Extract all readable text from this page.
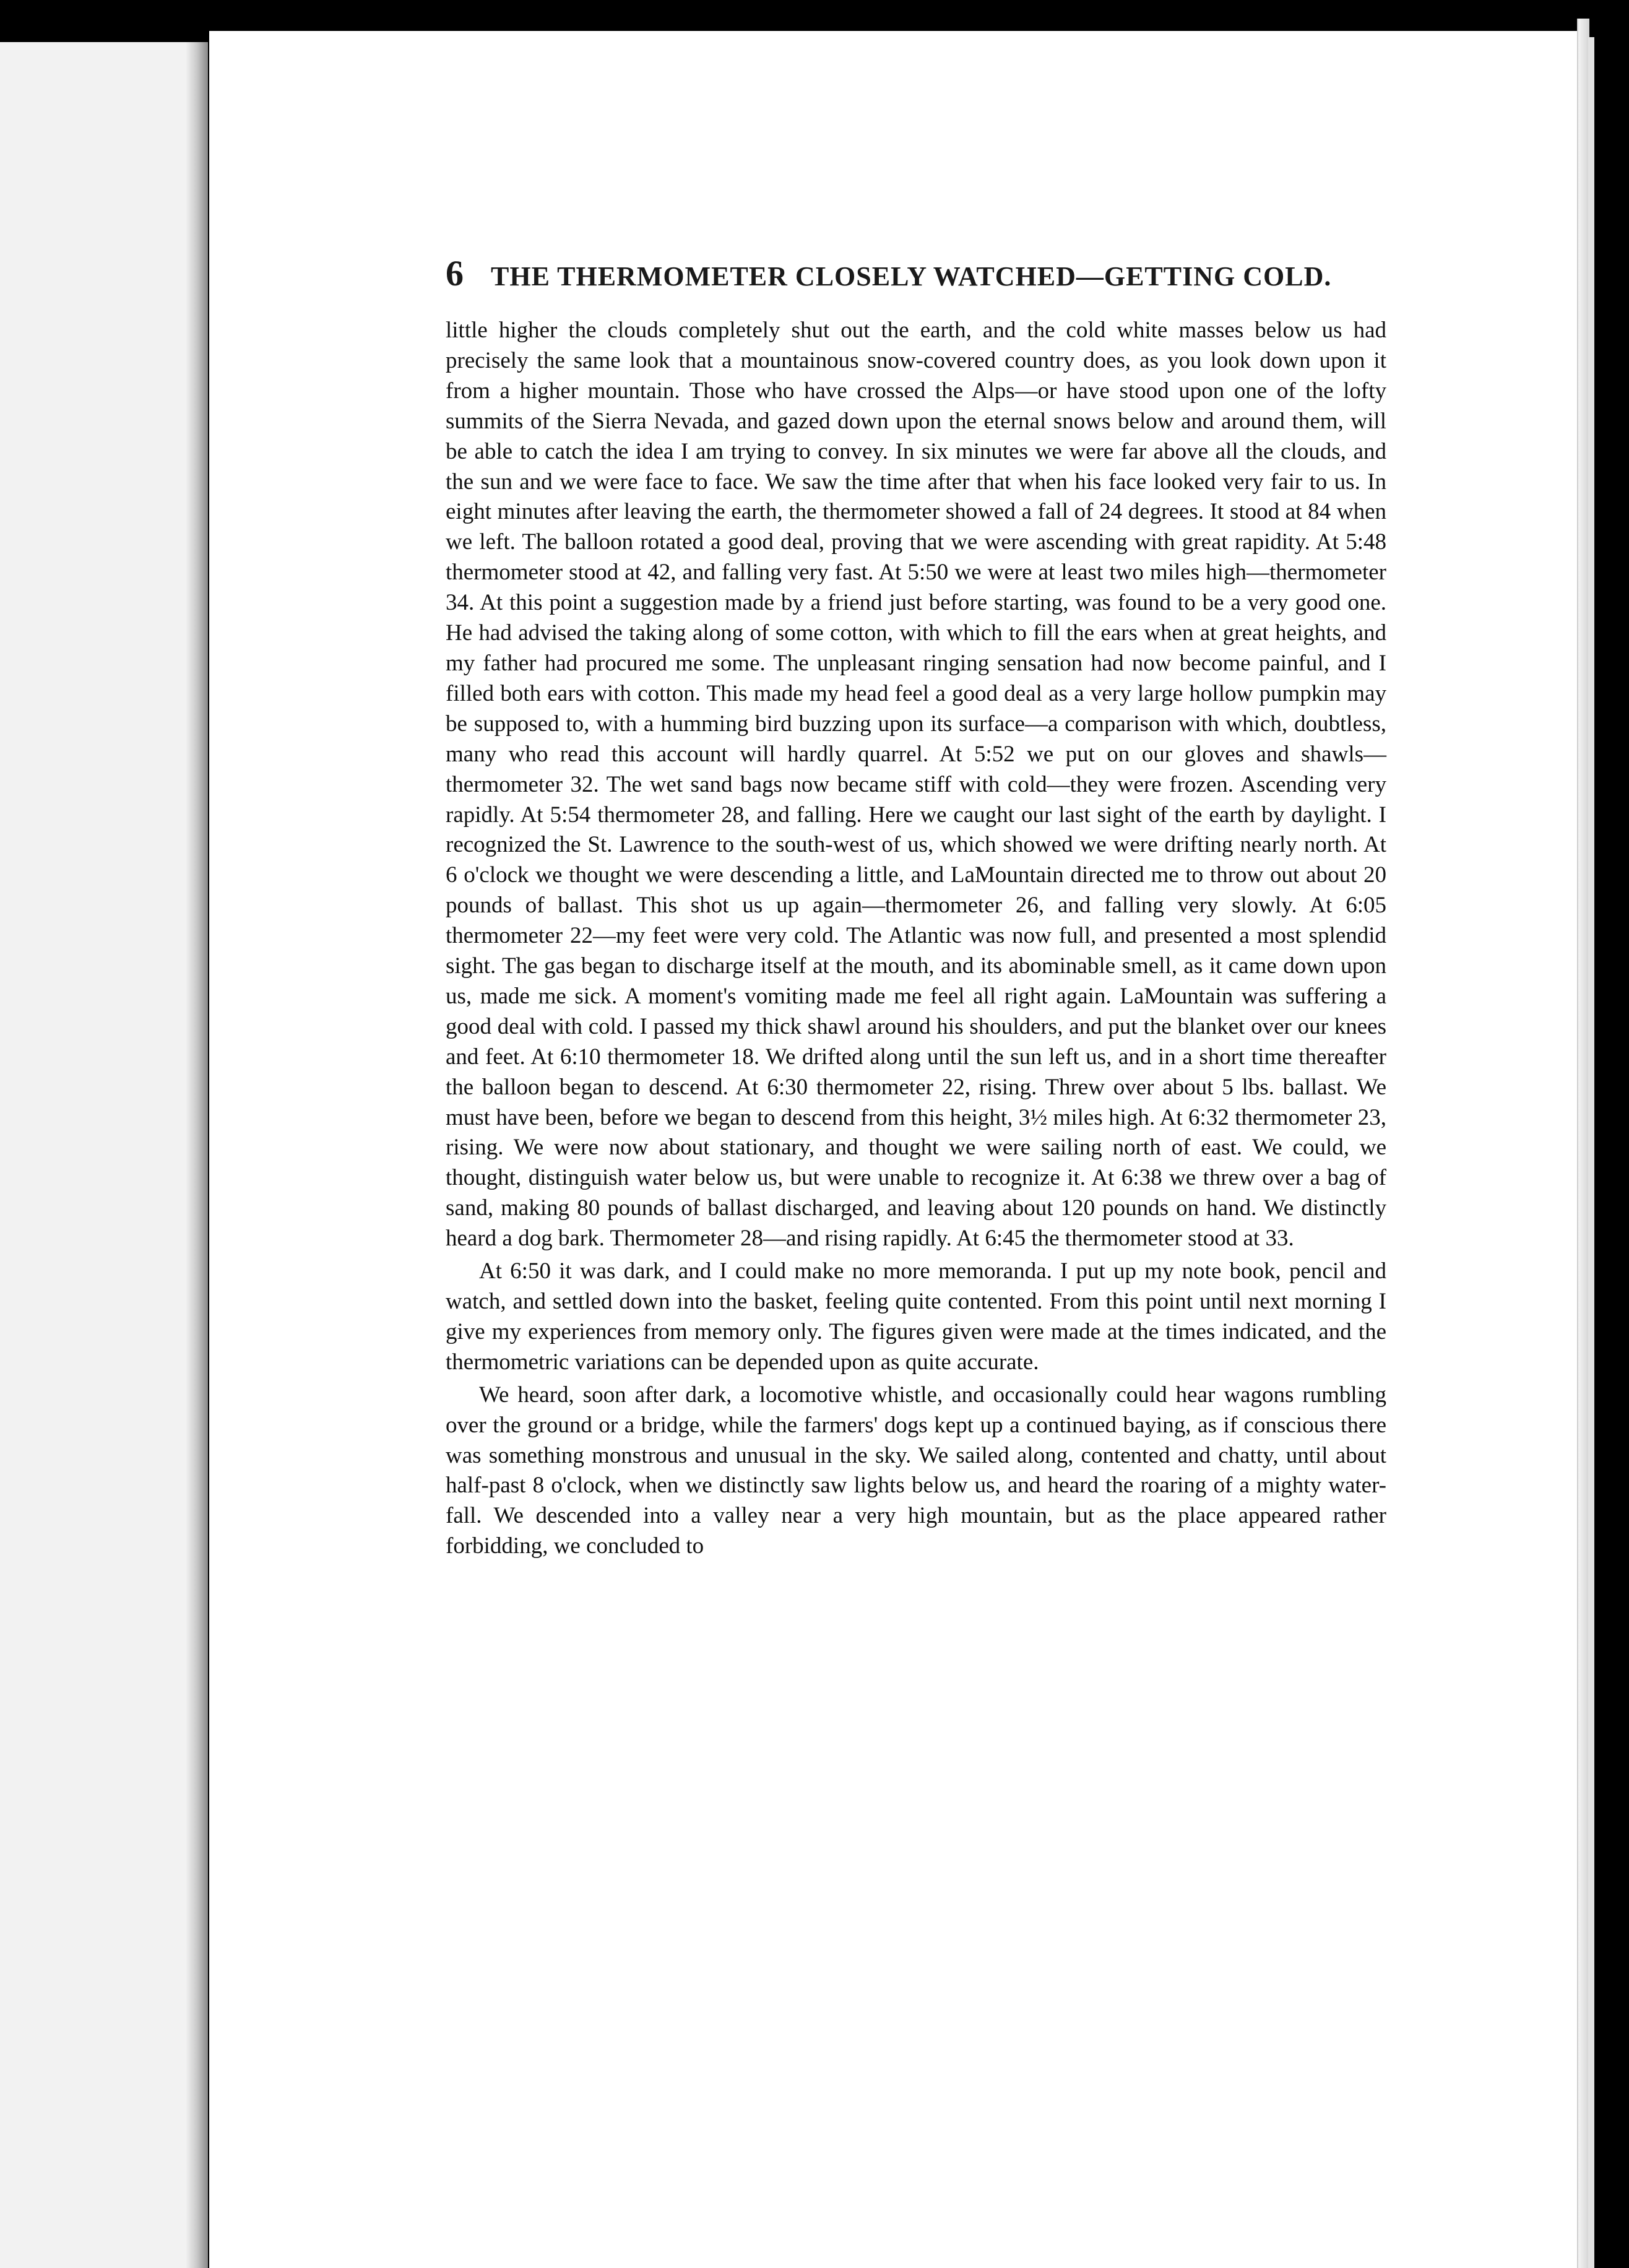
6 THE THERMOMETER CLOSELY WATCHED—GETTING COLD.

little higher the clouds completely shut out the earth, and the cold white masses below us had precisely the same look that a mountainous snow-covered country does, as you look down upon it from a higher mountain. Those who have crossed the Alps—or have stood upon one of the lofty summits of the Sierra Nevada, and gazed down upon the eternal snows below and around them, will be able to catch the idea I am trying to convey. In six minutes we were far above all the clouds, and the sun and we were face to face. We saw the time after that when his face looked very fair to us. In eight minutes after leaving the earth, the thermometer showed a fall of 24 degrees. It stood at 84 when we left. The balloon rotated a good deal, proving that we were ascending with great rapidity. At 5:48 thermometer stood at 42, and falling very fast. At 5:50 we were at least two miles high—thermometer 34. At this point a suggestion made by a friend just before starting, was found to be a very good one. He had advised the taking along of some cotton, with which to fill the ears when at great heights, and my father had procured me some. The unpleasant ringing sensation had now become painful, and I filled both ears with cotton. This made my head feel a good deal as a very large hollow pumpkin may be supposed to, with a humming bird buzzing upon its surface—a comparison with which, doubtless, many who read this account will hardly quarrel. At 5:52 we put on our gloves and shawls—thermometer 32. The wet sand bags now became stiff with cold—they were frozen. Ascending very rapidly. At 5:54 thermometer 28, and falling. Here we caught our last sight of the earth by daylight. I recognized the St. Lawrence to the south-west of us, which showed we were drifting nearly north. At 6 o'clock we thought we were descending a little, and LaMountain directed me to throw out about 20 pounds of ballast. This shot us up again—thermometer 26, and falling very slowly. At 6:05 thermometer 22—my feet were very cold. The Atlantic was now full, and presented a most splendid sight. The gas began to discharge itself at the mouth, and its abominable smell, as it came down upon us, made me sick. A moment's vomiting made me feel all right again. LaMountain was suffering a good deal with cold. I passed my thick shawl around his shoulders, and put the blanket over our knees and feet. At 6:10 thermometer 18. We drifted along until the sun left us, and in a short time thereafter the balloon began to descend. At 6:30 thermometer 22, rising. Threw over about 5 lbs. ballast. We must have been, before we began to descend from this height, 3½ miles high. At 6:32 thermometer 23, rising. We were now about stationary, and thought we were sailing north of east. We could, we thought, distinguish water below us, but were unable to recognize it. At 6:38 we threw over a bag of sand, making 80 pounds of ballast discharged, and leaving about 120 pounds on hand. We distinctly heard a dog bark. Thermometer 28—and rising rapidly. At 6:45 the thermometer stood at 33.

At 6:50 it was dark, and I could make no more memoranda. I put up my note book, pencil and watch, and settled down into the basket, feeling quite contented. From this point until next morning I give my experiences from memory only. The figures given were made at the times indicated, and the thermometric variations can be depended upon as quite accurate.

We heard, soon after dark, a locomotive whistle, and occasionally could hear wagons rumbling over the ground or a bridge, while the farmers' dogs kept up a continued baying, as if conscious there was something monstrous and unusual in the sky. We sailed along, contented and chatty, until about half-past 8 o'clock, when we distinctly saw lights below us, and heard the roaring of a mighty water-fall. We descended into a valley near a very high mountain, but as the place appeared rather forbidding, we concluded to
